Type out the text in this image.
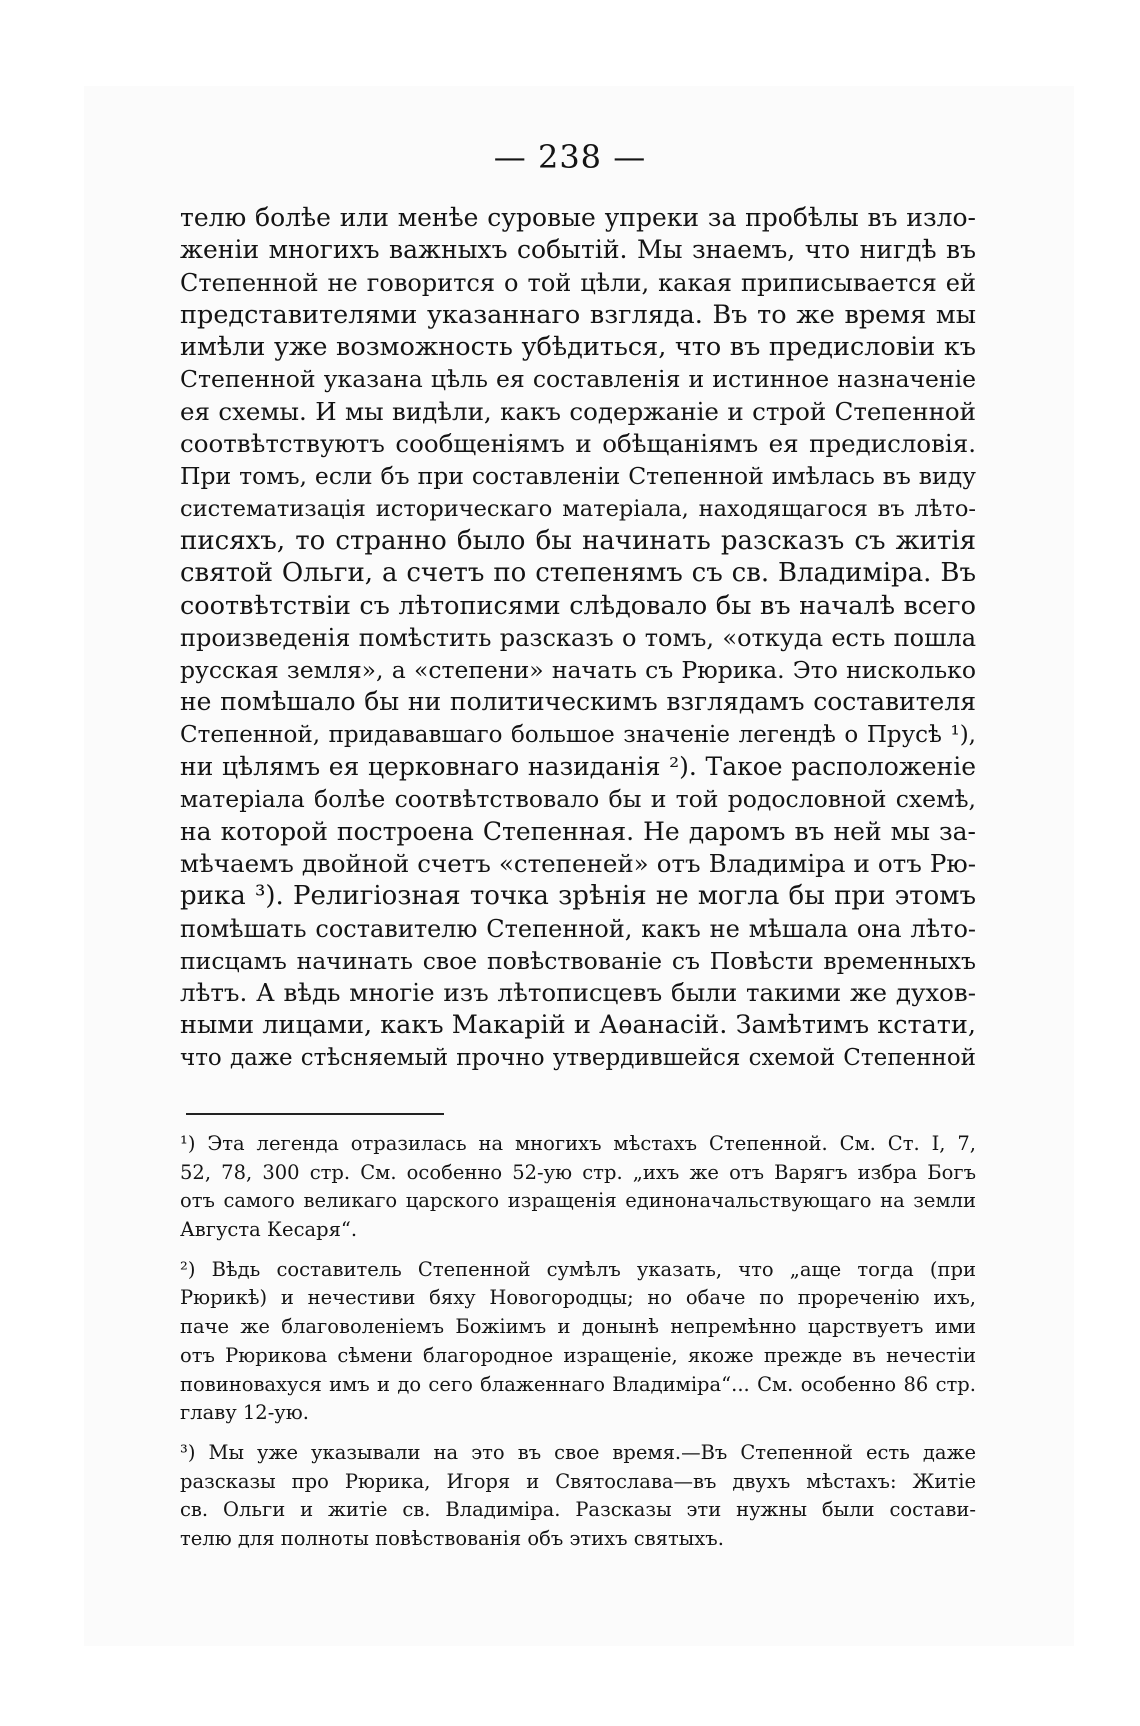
— 238 —
телю болѣе или менѣе суровые упреки за пробѣлы въ изло-
женіи многихъ важныхъ событій. Мы знаемъ, что нигдѣ въ
Степенной не говорится о той цѣли, какая приписывается ей
представителями указаннаго взгляда. Въ то же время мы
имѣли уже возможность убѣдиться, что въ предисловіи къ
Степенной указана цѣль ея составленія и истинное назначеніе
ея схемы. И мы видѣли, какъ содержаніе и строй Степенной
соотвѣтствуютъ сообщеніямъ и обѣщаніямъ ея предисловія.
При томъ, если бъ при составленіи Степенной имѣлась въ виду
систематизація историческаго матеріала, находящагося въ лѣто-
писяхъ, то странно было бы начинать разсказъ съ житія
святой Ольги, а счетъ по степенямъ съ св. Владиміра. Въ
соотвѣтствіи съ лѣтописями слѣдовало бы въ началѣ всего
произведенія помѣстить разсказъ о томъ, «откуда есть пошла
русская земля», а «степени» начать съ Рюрика. Это нисколько
не помѣшало бы ни политическимъ взглядамъ составителя
Степенной, придававшаго большое значеніе легендѣ о Прусѣ ¹),
ни цѣлямъ ея церковнаго назиданія ²). Такое расположеніе
матеріала болѣе соотвѣтствовало бы и той родословной схемѣ,
на которой построена Степенная. Не даромъ въ ней мы за-
мѣчаемъ двойной счетъ «степеней» отъ Владиміра и отъ Рю-
рика ³). Религіозная точка зрѣнія не могла бы при этомъ
помѣшать составителю Степенной, какъ не мѣшала она лѣто-
писцамъ начинать свое повѣствованіе съ Повѣсти временныхъ
лѣтъ. А вѣдь многіе изъ лѣтописцевъ были такими же духов-
ными лицами, какъ Макарій и Аѳанасій. Замѣтимъ кстати,
что даже стѣсняемый прочно утвердившейся схемой Степенной
¹) Эта легенда отразилась на многихъ мѣстахъ Степенной. См. Ст. I, 7,
52, 78, 300 стр. См. особенно 52-ую стр. „ихъ же отъ Варягъ избра Богъ
отъ самого великаго царского изращенія единоначальствующаго на земли
Августа Кесаря“.
²) Вѣдь составитель Степенной сумѣлъ указать, что „аще тогда (при
Рюрикѣ) и нечестиви бяху Новогородцы; но обаче по прореченію ихъ,
паче же благоволеніемъ Божіимъ и донынѣ непремѣнно царствуетъ ими
отъ Рюрикова сѣмени благородное изращеніе, якоже прежде въ нечестіи
повиновахуся имъ и до сего блаженнаго Владиміра“... См. особенно 86 стр.
главу 12-ую.
³) Мы уже указывали на это въ свое время.—Въ Степенной есть даже
разсказы про Рюрика, Игоря и Святослава—въ двухъ мѣстахъ: Житіе
св. Ольги и житіе св. Владиміра. Разсказы эти нужны были состави-
телю для полноты повѣствованія объ этихъ святыхъ.
